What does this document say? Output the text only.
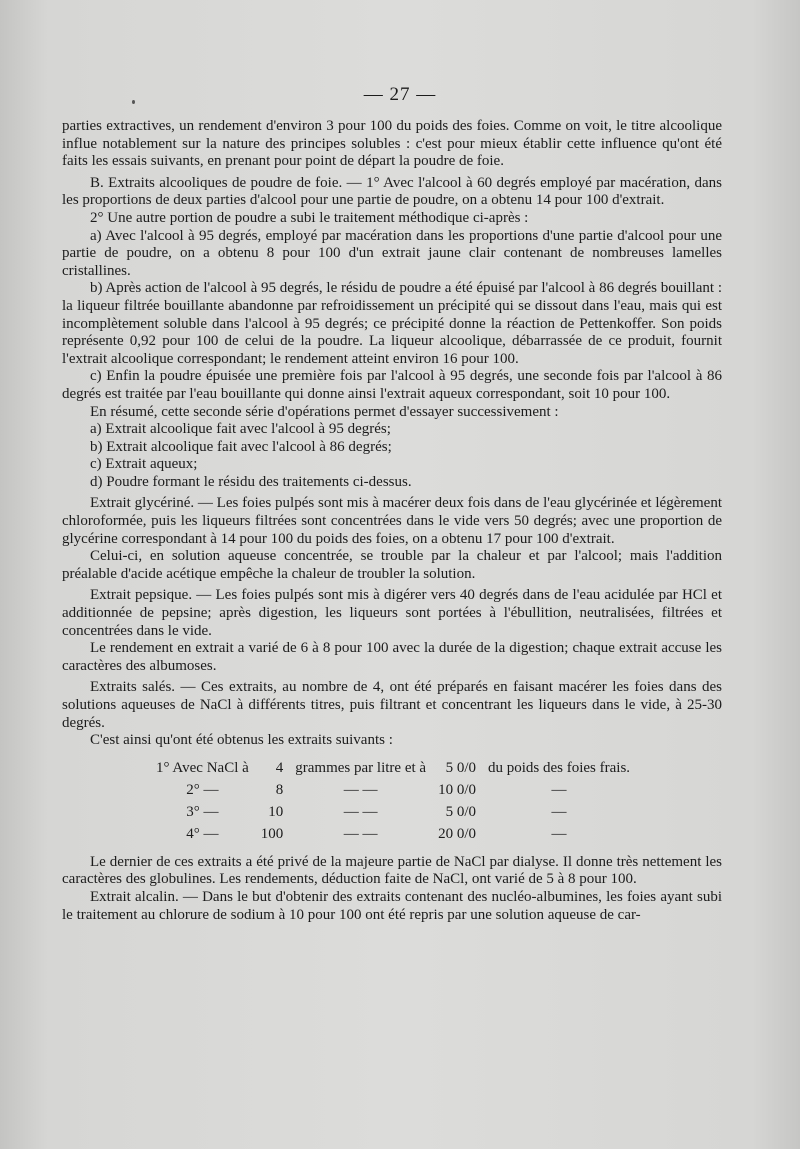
— 27 —

parties extractives, un rendement d'environ 3 pour 100 du poids des foies. Comme on voit, le titre alcoolique influe notablement sur la nature des principes solubles : c'est pour mieux établir cette influence qu'ont été faits les essais suivants, en prenant pour point de départ la poudre de foie.

B. Extraits alcooliques de poudre de foie. — 1° Avec l'alcool à 60 degrés employé par macération, dans les proportions de deux parties d'alcool pour une partie de poudre, on a obtenu 14 pour 100 d'extrait.

2° Une autre portion de poudre a subi le traitement méthodique ci-après :

a) Avec l'alcool à 95 degrés, employé par macération dans les proportions d'une partie d'alcool pour une partie de poudre, on a obtenu 8 pour 100 d'un extrait jaune clair contenant de nombreuses lamelles cristallines.

b) Après action de l'alcool à 95 degrés, le résidu de poudre a été épuisé par l'alcool à 86 degrés bouillant : la liqueur filtrée bouillante abandonne par refroidissement un précipité qui se dissout dans l'eau, mais qui est incomplètement soluble dans l'alcool à 95 degrés; ce précipité donne la réaction de Pettenkoffer. Son poids représente 0,92 pour 100 de celui de la poudre. La liqueur alcoolique, débarrassée de ce produit, fournit l'extrait alcoolique correspondant; le rendement atteint environ 16 pour 100.

c) Enfin la poudre épuisée une première fois par l'alcool à 95 degrés, une seconde fois par l'alcool à 86 degrés est traitée par l'eau bouillante qui donne ainsi l'extrait aqueux correspondant, soit 10 pour 100.

En résumé, cette seconde série d'opérations permet d'essayer successivement :

a) Extrait alcoolique fait avec l'alcool à 95 degrés;

b) Extrait alcoolique fait avec l'alcool à 86 degrés;

c) Extrait aqueux;

d) Poudre formant le résidu des traitements ci-dessus.

Extrait glycériné. — Les foies pulpés sont mis à macérer deux fois dans de l'eau glycérinée et légèrement chloroformée, puis les liqueurs filtrées sont concentrées dans le vide vers 50 degrés; avec une proportion de glycérine correspondant à 14 pour 100 du poids des foies, on a obtenu 17 pour 100 d'extrait.

Celui-ci, en solution aqueuse concentrée, se trouble par la chaleur et par l'alcool; mais l'addition préalable d'acide acétique empêche la chaleur de troubler la solution.

Extrait pepsique. — Les foies pulpés sont mis à digérer vers 40 degrés dans de l'eau acidulée par HCl et additionnée de pepsine; après digestion, les liqueurs sont portées à l'ébullition, neutralisées, filtrées et concentrées dans le vide.

Le rendement en extrait a varié de 6 à 8 pour 100 avec la durée de la digestion; chaque extrait accuse les caractères des albumoses.

Extraits salés. — Ces extraits, au nombre de 4, ont été préparés en faisant macérer les foies dans des solutions aqueuses de NaCl à différents titres, puis filtrant et concentrant les liqueurs dans le vide, à 25-30 degrés.

C'est ainsi qu'ont été obtenus les extraits suivants :

1° Avec NaCl à	4	grammes par litre et à	5 0/0	du poids des foies frais.
2° —	8	— —	10 0/0	—
3° —	10	— —	5 0/0	—
4° —	100	— —	20 0/0	—

Le dernier de ces extraits a été privé de la majeure partie de NaCl par dialyse. Il donne très nettement les caractères des globulines. Les rendements, déduction faite de NaCl, ont varié de 5 à 8 pour 100.

Extrait alcalin. — Dans le but d'obtenir des extraits contenant des nucléo-albumines, les foies ayant subi le traitement au chlorure de sodium à 10 pour 100 ont été repris par une solution aqueuse de car-
